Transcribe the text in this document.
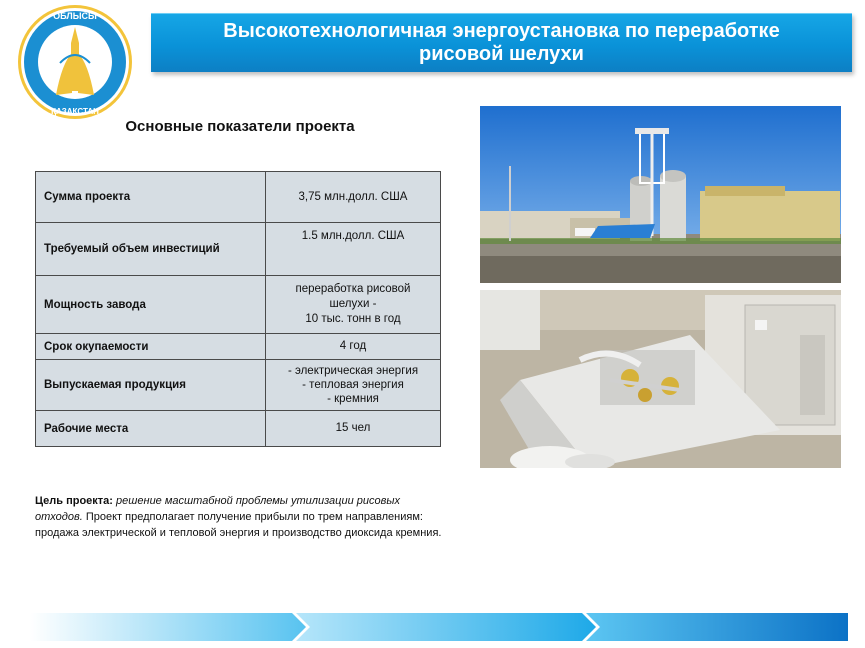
ОБЛЫСЫ
ҚАЗАҚСТАН

Высокотехнологичная энергоустановка по переработке
рисовой шелухи

Основные показатели проекта
Сумма проекта	3,75 млн.долл. США
Требуемый объем инвестиций	1.5 млн.долл. США
Мощность завода	переработка рисовой шелухи -
10 тыс. тонн в год
Срок окупаемости	4 год
Выпускаемая продукция	- электрическая энергия
- тепловая энергия
- кремния
Рабочие места	15 чел
Цель проекта: решение масштабной проблемы утилизации рисовых отходов. Проект предполагает получение прибыли по трем направлениям: продажа электрической и тепловой энергия и производство диоксида кремния.
